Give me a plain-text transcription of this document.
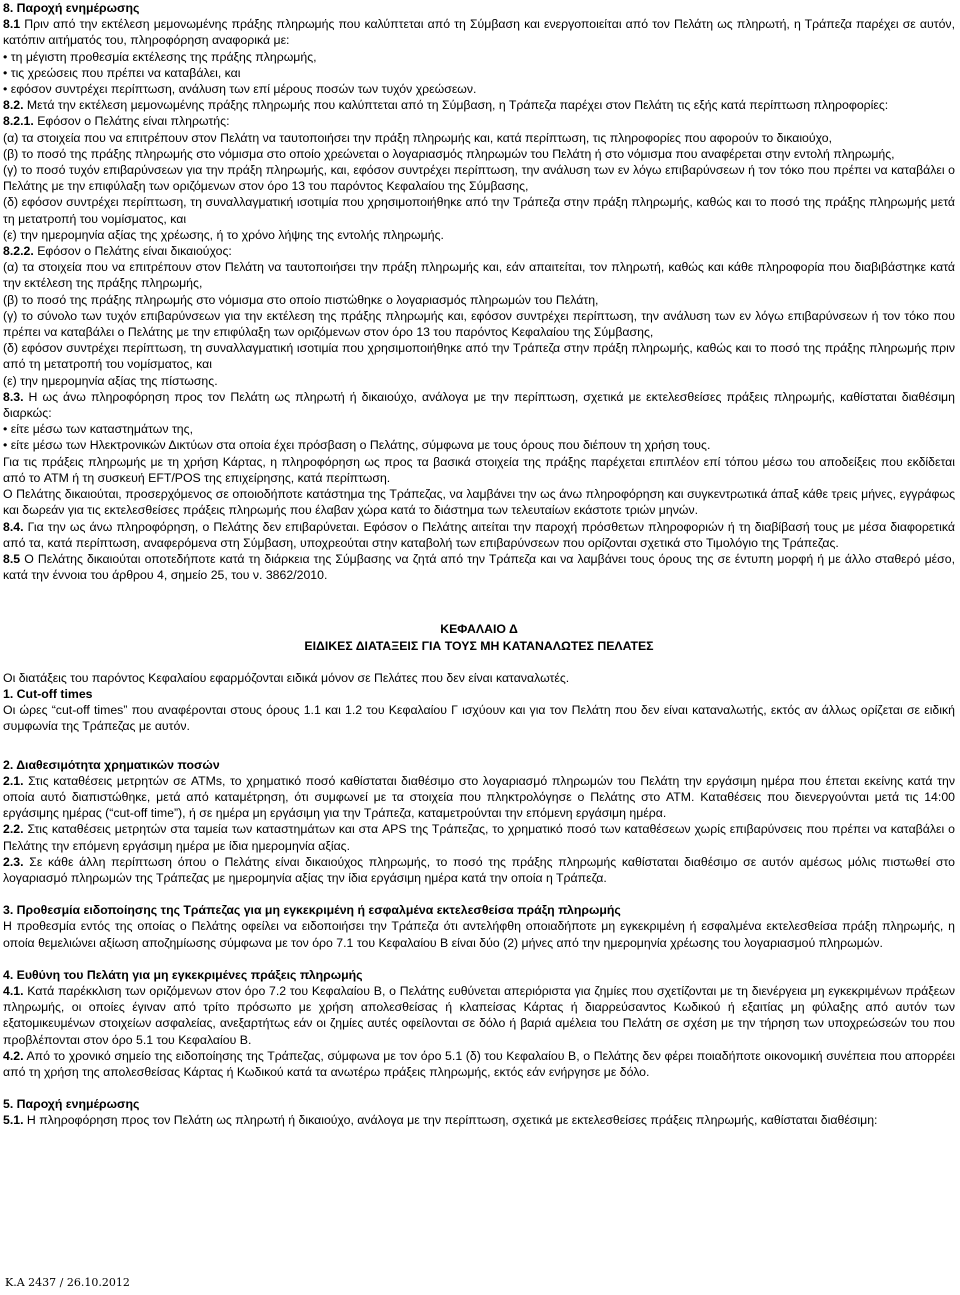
8. Παροχή ενημέρωσης

8.1 Πριν από την εκτέλεση μεμονωμένης πράξης πληρωμής που καλύπτεται από τη Σύμβαση και ενεργοποιείται από τον Πελάτη ως πληρωτή, η Τράπεζα παρέχει σε αυτόν, κατόπιν αιτήματός του, πληροφόρηση αναφορικά με:

• τη μέγιστη προθεσμία εκτέλεσης της πράξης πληρωμής,

• τις χρεώσεις που πρέπει να καταβάλει, και

• εφόσον συντρέχει περίπτωση, ανάλυση των επί μέρους ποσών των τυχόν χρεώσεων.

8.2. Μετά την εκτέλεση μεμονωμένης πράξης πληρωμής που καλύπτεται από τη Σύμβαση, η Τράπεζα παρέχει στον Πελάτη τις εξής κατά περίπτωση πληροφορίες:

8.2.1. Εφόσον ο Πελάτης είναι πληρωτής:

(α) τα στοιχεία που να επιτρέπουν στον Πελάτη να ταυτοποιήσει την πράξη πληρωμής και, κατά περίπτωση, τις πληροφορίες που αφορούν το δικαιούχο,

(β) το ποσό της πράξης πληρωμής στο νόμισμα στο οποίο χρεώνεται ο λογαριασμός πληρωμών του Πελάτη ή στο νόμισμα που αναφέρεται στην εντολή πληρωμής,

(γ) το ποσό τυχόν επιβαρύνσεων για την πράξη πληρωμής, και, εφόσον συντρέχει περίπτωση, την ανάλυση των εν λόγω επιβαρύνσεων ή τον τόκο που πρέπει να καταβάλει ο Πελάτης με την επιφύλαξη των οριζόμενων στον όρο 13 του παρόντος Κεφαλαίου της Σύμβασης,

(δ) εφόσον συντρέχει περίπτωση, τη συναλλαγματική ισοτιμία που χρησιμοποιήθηκε από την Τράπεζα στην πράξη πληρωμής, καθώς και το ποσό της πράξης πληρωμής μετά τη μετατροπή του νομίσματος, και

(ε) την ημερομηνία αξίας της χρέωσης, ή το χρόνο λήψης της εντολής πληρωμής.

8.2.2. Εφόσον ο Πελάτης είναι δικαιούχος:

(α) τα στοιχεία που να επιτρέπουν στον Πελάτη να ταυτοποιήσει την πράξη πληρωμής και, εάν απαιτείται, τον πληρωτή, καθώς και κάθε πληροφορία που διαβιβάστηκε κατά την εκτέλεση της πράξης πληρωμής,

(β) το ποσό της πράξης πληρωμής στο νόμισμα στο οποίο πιστώθηκε ο λογαριασμός πληρωμών του Πελάτη,

(γ) το σύνολο των τυχόν επιβαρύνσεων για την εκτέλεση της πράξης πληρωμής και, εφόσον συντρέχει περίπτωση, την ανάλυση των εν λόγω επιβαρύνσεων ή τον τόκο που πρέπει να καταβάλει ο Πελάτης με την επιφύλαξη των οριζόμενων στον όρο 13 του παρόντος Κεφαλαίου της Σύμβασης,

(δ) εφόσον συντρέχει περίπτωση, τη συναλλαγματική ισοτιμία που χρησιμοποιήθηκε από την Τράπεζα στην πράξη πληρωμής, καθώς και το ποσό της πράξης πληρωμής πριν από τη μετατροπή του νομίσματος, και

(ε) την ημερομηνία αξίας της πίστωσης.

8.3. Η ως άνω πληροφόρηση προς τον Πελάτη ως πληρωτή ή δικαιούχο, ανάλογα με την περίπτωση, σχετικά με εκτελεσθείσες πράξεις πληρωμής, καθίσταται διαθέσιμη διαρκώς:

• είτε μέσω των καταστημάτων της,

• είτε μέσω των Ηλεκτρονικών Δικτύων στα οποία έχει πρόσβαση ο Πελάτης, σύμφωνα με τους όρους που διέπουν τη χρήση τους.

Για τις πράξεις πληρωμής με τη χρήση Κάρτας, η πληροφόρηση ως προς τα βασικά στοιχεία της πράξης παρέχεται επιπλέον επί τόπου μέσω του αποδείξεις που εκδίδεται από το ATM ή τη συσκευή EFT/POS της επιχείρησης, κατά περίπτωση.

Ο Πελάτης δικαιούται, προσερχόμενος σε οποιοδήποτε κατάστημα της Τράπεζας, να λαμβάνει την ως άνω πληροφόρηση και συγκεντρωτικά άπαξ κάθε τρεις μήνες, εγγράφως και δωρεάν για τις εκτελεσθείσες πράξεις πληρωμής που έλαβαν χώρα κατά το διάστημα των τελευταίων εκάστοτε τριών μηνών.

8.4. Για την ως άνω πληροφόρηση, ο Πελάτης δεν επιβαρύνεται. Εφόσον ο Πελάτης αιτείται την παροχή πρόσθετων πληροφοριών ή τη διαβίβασή τους με μέσα διαφορετικά από τα, κατά περίπτωση, αναφερόμενα στη Σύμβαση, υποχρεούται στην καταβολή των επιβαρύνσεων που ορίζονται σχετικά στο Τιμολόγιο της Τράπεζας.

8.5 Ο Πελάτης δικαιούται οποτεδήποτε κατά τη διάρκεια της Σύμβασης να ζητά από την Τράπεζα και να λαμβάνει τους όρους της σε έντυπη μορφή ή με άλλο σταθερό μέσο, κατά την έννοια του άρθρου 4, σημείο 25, του ν. 3862/2010.

ΚΕΦΑΛΑΙΟ Δ

ΕΙΔΙΚΕΣ ΔΙΑΤΑΞΕΙΣ ΓΙΑ ΤΟΥΣ ΜΗ ΚΑΤΑΝΑΛΩΤΕΣ ΠΕΛΑΤΕΣ

Οι διατάξεις του παρόντος Κεφαλαίου εφαρμόζονται ειδικά μόνον σε Πελάτες που δεν είναι καταναλωτές.

1. Cut-off times

Οι ώρες “cut-off times” που αναφέρονται στους όρους 1.1 και 1.2 του Κεφαλαίου Γ ισχύουν και για τον Πελάτη που δεν είναι καταναλωτής, εκτός αν άλλως ορίζεται σε ειδική συμφωνία της Τράπεζας με αυτόν.

2. Διαθεσιμότητα χρηματικών ποσών

2.1. Στις καταθέσεις μετρητών σε ATMs, το χρηματικό ποσό καθίσταται διαθέσιμο στο λογαριασμό πληρωμών του Πελάτη την εργάσιμη ημέρα που έπεται εκείνης κατά την οποία αυτό διαπιστώθηκε, μετά από καταμέτρηση, ότι συμφωνεί με τα στοιχεία που πληκτρολόγησε ο Πελάτης στο ATM. Καταθέσεις που διενεργούνται μετά τις 14:00 εργάσιμης ημέρας (“cut-off time”), ή σε ημέρα μη εργάσιμη για την Τράπεζα, καταμετρούνται την επόμενη εργάσιμη ημέρα.

2.2. Στις καταθέσεις μετρητών στα ταμεία των καταστημάτων και στα APS της Τράπεζας, το χρηματικό ποσό των καταθέσεων χωρίς επιβαρύνσεις που πρέπει να καταβάλει ο Πελάτης την επόμενη εργάσιμη ημέρα με ίδια ημερομηνία αξίας.

2.3. Σε κάθε άλλη περίπτωση όπου ο Πελάτης είναι δικαιούχος πληρωμής, το ποσό της πράξης πληρωμής καθίσταται διαθέσιμο σε αυτόν αμέσως μόλις πιστωθεί στο λογαριασμό πληρωμών της Τράπεζας με ημερομηνία αξίας την ίδια εργάσιμη ημέρα κατά την οποία η Τράπεζα.

3. Προθεσμία ειδοποίησης της Τράπεζας για μη εγκεκριμένη ή εσφαλμένα εκτελεσθείσα πράξη πληρωμής

Η προθεσμία εντός της οποίας ο Πελάτης οφείλει να ειδοποιήσει την Τράπεζα ότι αντελήφθη οποιαδήποτε μη εγκεκριμένη ή εσφαλμένα εκτελεσθείσα πράξη πληρωμής, η οποία θεμελιώνει αξίωση αποζημίωσης σύμφωνα με τον όρο 7.1 του Κεφαλαίου Β είναι δύο (2) μήνες από την ημερομηνία χρέωσης του λογαριασμού πληρωμών.

4. Ευθύνη του Πελάτη για μη εγκεκριμένες πράξεις πληρωμής

4.1. Κατά παρέκκλιση των οριζόμενων στον όρο 7.2 του Κεφαλαίου Β, ο Πελάτης ευθύνεται απεριόριστα για ζημίες που σχετίζονται με τη διενέργεια μη εγκεκριμένων πράξεων πληρωμής, οι οποίες έγιναν από τρίτο πρόσωπο με χρήση απολεσθείσας ή κλαπείσας Κάρτας ή διαρρεύσαντος Κωδικού ή εξαιτίας μη φύλαξης από αυτόν των εξατομικευμένων στοιχείων ασφαλείας, ανεξαρτήτως εάν οι ζημίες αυτές οφείλονται σε δόλο ή βαριά αμέλεια του Πελάτη σε σχέση με την τήρηση των υποχρεώσεών του που προβλέπονται στον όρο 5.1 του Κεφαλαίου Β.

4.2. Από το χρονικό σημείο της ειδοποίησης της Τράπεζας, σύμφωνα με τον όρο 5.1 (δ) του Κεφαλαίου Β, ο Πελάτης δεν φέρει ποιαδήποτε οικονομική συνέπεια που απορρέει από τη χρήση της απολεσθείσας Κάρτας ή Κωδικού κατά τα ανωτέρω πράξεις πληρωμής, εκτός εάν ενήργησε με δόλο.

5. Παροχή ενημέρωσης

5.1. Η πληροφόρηση προς τον Πελάτη ως πληρωτή ή δικαιούχο, ανάλογα με την περίπτωση, σχετικά με εκτελεσθείσες πράξεις πληρωμής, καθίσταται διαθέσιμη:

Κ.Α 2437 / 26.10.2012
